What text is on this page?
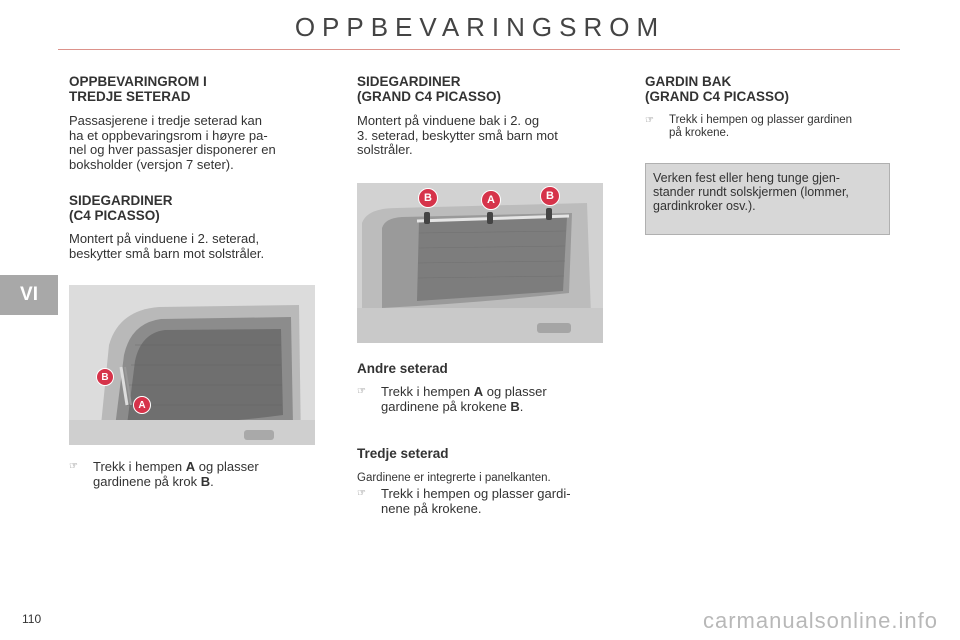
OPPBEVARINGSROM
VI
OPPBEVARINGROM I
TREDJE SETERAD
Passasjerene i tredje seterad kan
ha et oppbevaringsrom i høyre pa-
nel og hver passasjer disponerer en
boksholder (versjon 7 seter).
SIDEGARDINER
(C4 PICASSO)
Montert på vinduene i 2. seterad,
beskytter små barn mot solstråler.
B
A
☞ Trekk i hempen A og plasser
gardinene på krok B.
SIDEGARDINER
(GRAND C4 PICASSO)
Montert på vinduene bak i 2. og
3. seterad, beskytter små barn mot
solstråler.
B	A	B
Andre seterad
☞ Trekk i hempen A og plasser
gardinene på krokene B.
Tredje seterad
Gardinene er integrerte i panelkanten.
☞ Trekk i hempen og plasser gardi-
nene på krokene.
GARDIN BAK
(GRAND C4 PICASSO)
☞ Trekk i hempen og plasser gardinen
på krokene.
Verken fest eller heng tunge gjen-
stander rundt solskjermen (lommer,
gardinkroker osv.).
110	carmanualsonline.info
